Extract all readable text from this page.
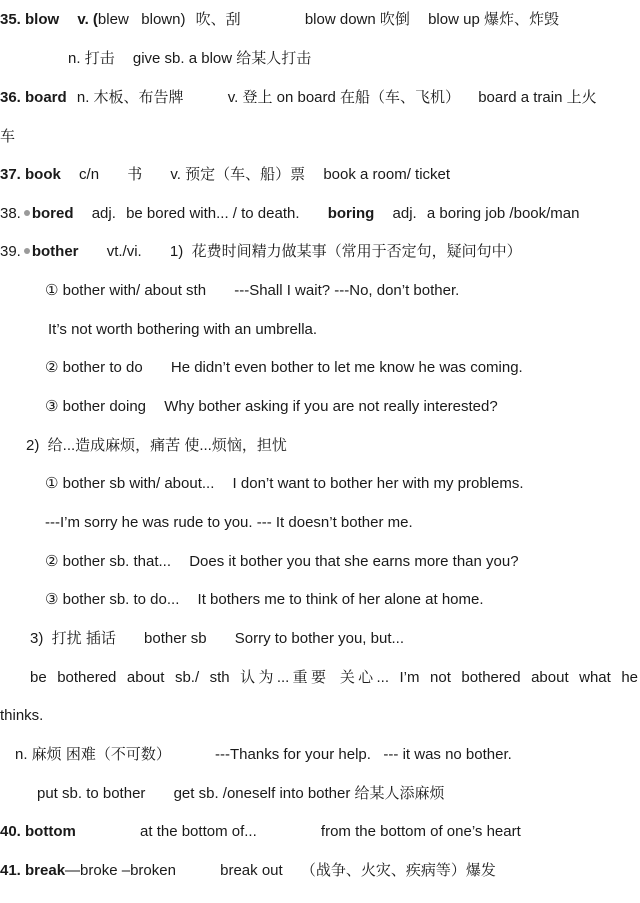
35. blow v. (blew   blown) 吹、刮	blow down 吹倒 blow up 爆炸、炸毁
n. 打击 give sb. a blow 给某人打击
36. board n. 木板、布告牌	v. 登上 on board 在船（车、飞机） board a train 上火
车
37. book c/n 书 v. 预定（车、船）票 book a room/ ticket
38. bored adj. be bored with... / to death. boring adj. a boring job /book/man
39. bother vt./vi. 1)  花费时间精力做某事（常用于否定句，疑问句中）
① bother with/ about sth ---Shall I wait? ---No, don’t bother.
It’s not worth bothering with an umbrella.
② bother to do He didn’t even bother to let me know he was coming.
③ bother doing Why bother asking if you are not really interested?
2)  给...造成麻烦，痛苦 使...烦恼，担忧
① bother sb with/ about... I don’t want to bother her with my problems.
---I’m sorry he was rude to you. --- It doesn’t bother me.
② bother sb. that... Does it bother you that she earns more than you?
③ bother sb. to do... It bothers me to think of her alone at home.
3)  打扰 插话 bother sb Sorry to bother you, but...
be bothered about sb./ sth 认为...重要 关心... I’m not bothered about what he
thinks.
n. 麻烦 困难（不可数）	---Thanks for your help.   --- it was no bother.
put sb. to bother get sb. /oneself into bother 给某人添麻烦
40. bottom	at the bottom of...	from the bottom of one’s heart
41. break—broke –broken	break out （战争、火灾、疾病等）爆发
